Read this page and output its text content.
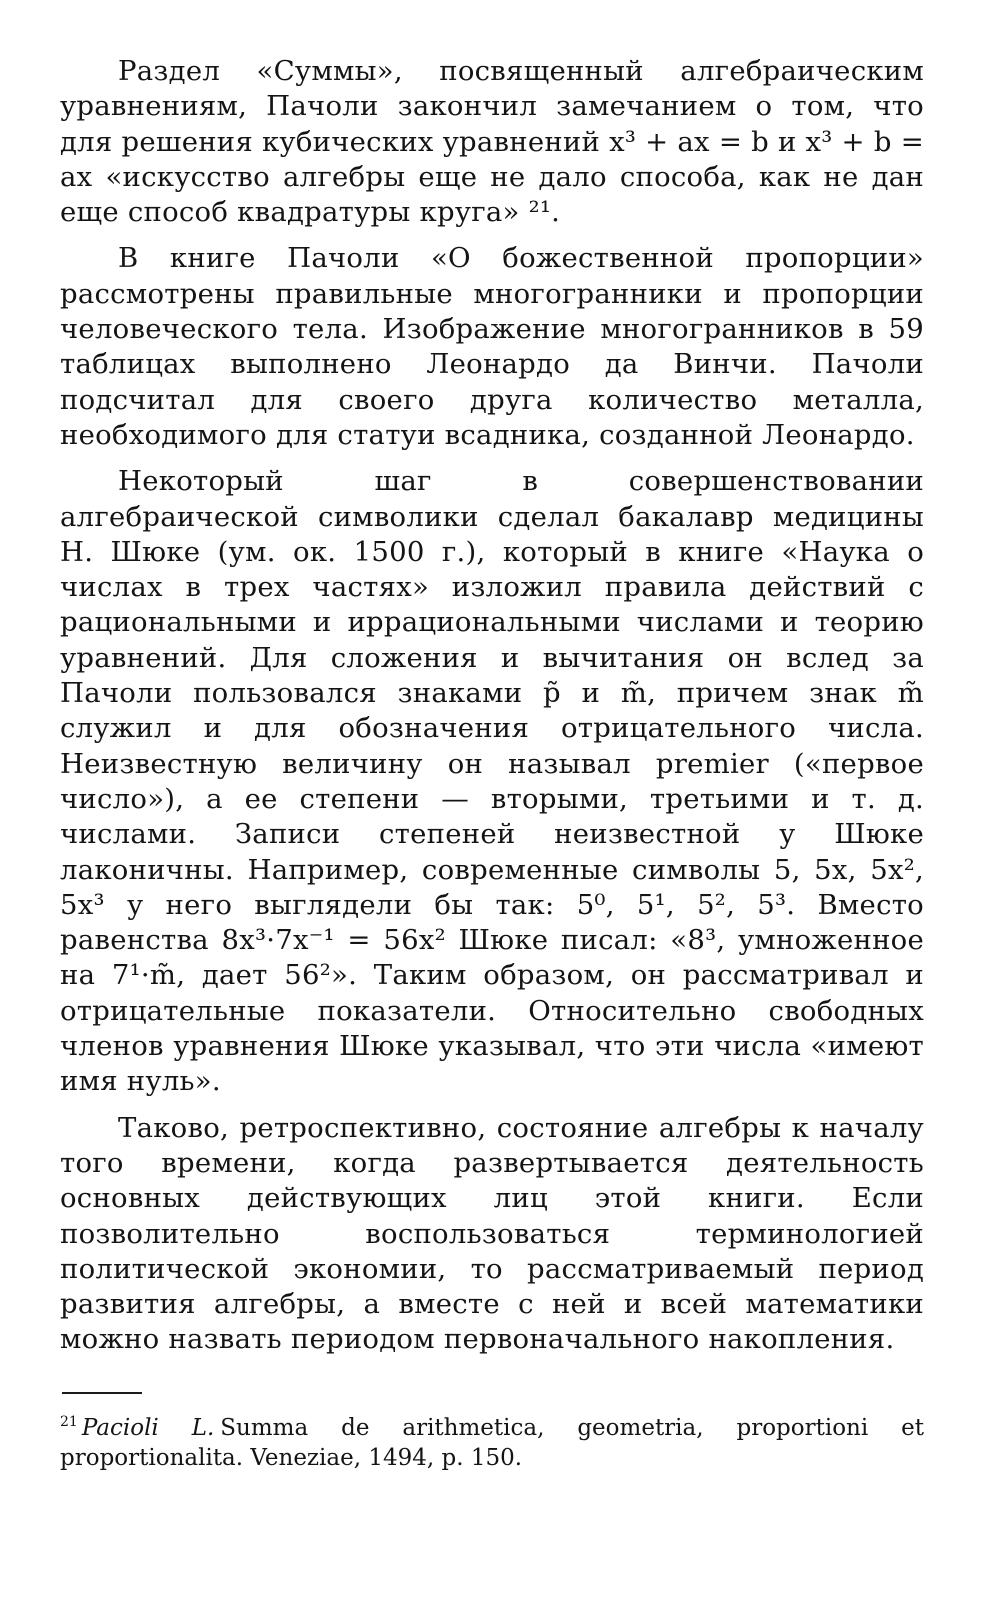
Раздел «Суммы», посвященный алгебраическим уравнениям, Пачоли закончил замечанием о том, что для решения кубических уравнений x³ + ax = b и x³ + b = ax «искусство алгебры еще не дало способа, как не дан еще способ квадратуры круга» ²¹.

В книге Пачоли «О божественной пропорции» рассмотрены правильные многогранники и пропорции человеческого тела. Изображение многогранников в 59 таблицах выполнено Леонардо да Винчи. Пачоли подсчитал для своего друга количество металла, необходимого для статуи всадника, созданной Леонардо.

Некоторый шаг в совершенствовании алгебраической символики сделал бакалавр медицины Н. Шюке (ум. ок. 1500 г.), который в книге «Наука о числах в трех частях» изложил правила действий с рациональными и иррациональными числами и теорию уравнений. Для сложения и вычитания он вслед за Пачоли пользовался знаками p̃ и m̃, причем знак m̃ служил и для обозначения отрицательного числа. Неизвестную величину он называл premier («первое число»), а ее степени — вторыми, третьими и т. д. числами. Записи степеней неизвестной у Шюке лаконичны. Например, современные символы 5, 5x, 5x², 5x³ у него выглядели бы так: 5⁰, 5¹, 5², 5³. Вместо равенства 8x³·7x⁻¹ = 56x² Шюке писал: «8³, умноженное на 7¹·m̃, дает 56²». Таким образом, он рассматривал и отрицательные показатели. Относительно свободных членов уравнения Шюке указывал, что эти числа «имеют имя нуль».

Таково, ретроспективно, состояние алгебры к началу того времени, когда развертывается деятельность основных действующих лиц этой книги. Если позволительно воспользоваться терминологией политической экономии, то рассматриваемый период развития алгебры, а вместе с ней и всей математики можно назвать периодом первоначального накопления.

$^{21}$ Pacioli L. Summa de arithmetica, geometria, proportioni et proportionalita. Veneziae, 1494, p. 150.
